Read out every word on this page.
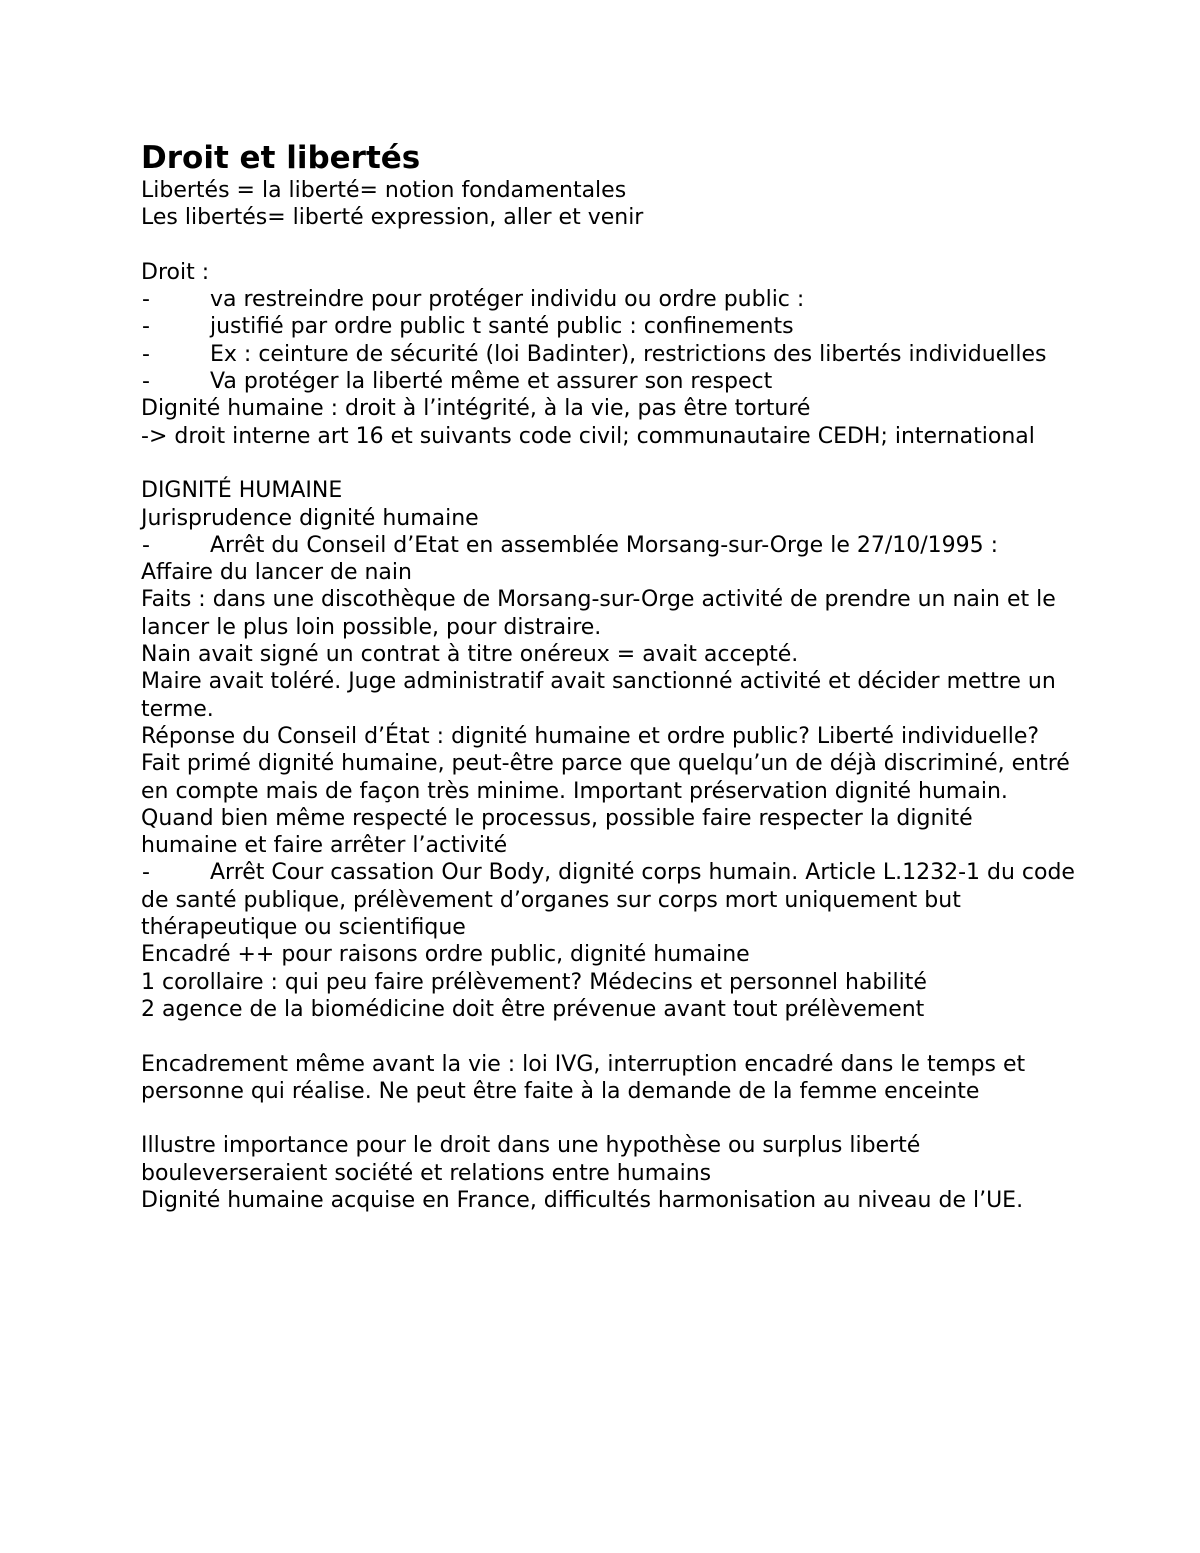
Droit et libertés
Libertés = la liberté= notion fondamentales
Les libertés= liberté expression, aller et venir
Droit :
-	va restreindre pour protéger individu ou ordre public :
-	justifié par ordre public t santé public : confinements
-	Ex : ceinture de sécurité (loi Badinter), restrictions des libertés individuelles
-	Va protéger la liberté même et assurer son respect
Dignité humaine : droit à l’intégrité, à la vie, pas être torturé
-> droit interne art 16 et suivants code civil; communautaire CEDH; international
DIGNITÉ HUMAINE
Jurisprudence dignité humaine
-	Arrêt du Conseil d’Etat en assemblée Morsang-sur-Orge le 27/10/1995 : Affaire du lancer de nain
Faits : dans une discothèque de Morsang-sur-Orge activité de prendre un nain et le lancer le plus loin possible, pour distraire.
Nain avait signé un contrat à titre onéreux = avait accepté.
Maire avait toléré. Juge administratif avait sanctionné activité et décider mettre un terme.
Réponse du Conseil d’État : dignité humaine et ordre public? Liberté individuelle? Fait primé dignité humaine, peut-être parce que quelqu’un de déjà discriminé, entré en compte mais de façon très minime. Important préservation dignité humain.
Quand bien même respecté le processus, possible faire respecter la dignité humaine et faire arrêter l’activité
-	Arrêt Cour cassation Our Body, dignité corps humain. Article L.1232-1 du code de santé publique, prélèvement d’organes sur corps mort uniquement but thérapeutique ou scientifique
Encadré ++ pour raisons ordre public, dignité humaine
1 corollaire : qui peu faire prélèvement? Médecins et personnel habilité
2 agence de la biomédicine doit être prévenue avant tout prélèvement
Encadrement même avant la vie : loi IVG, interruption encadré dans le temps et personne qui réalise. Ne peut être faite à la demande de la femme enceinte
Illustre importance pour le droit dans une hypothèse ou surplus liberté bouleverseraient société et relations entre humains
Dignité humaine acquise en France, difficultés harmonisation au niveau de l’UE.
